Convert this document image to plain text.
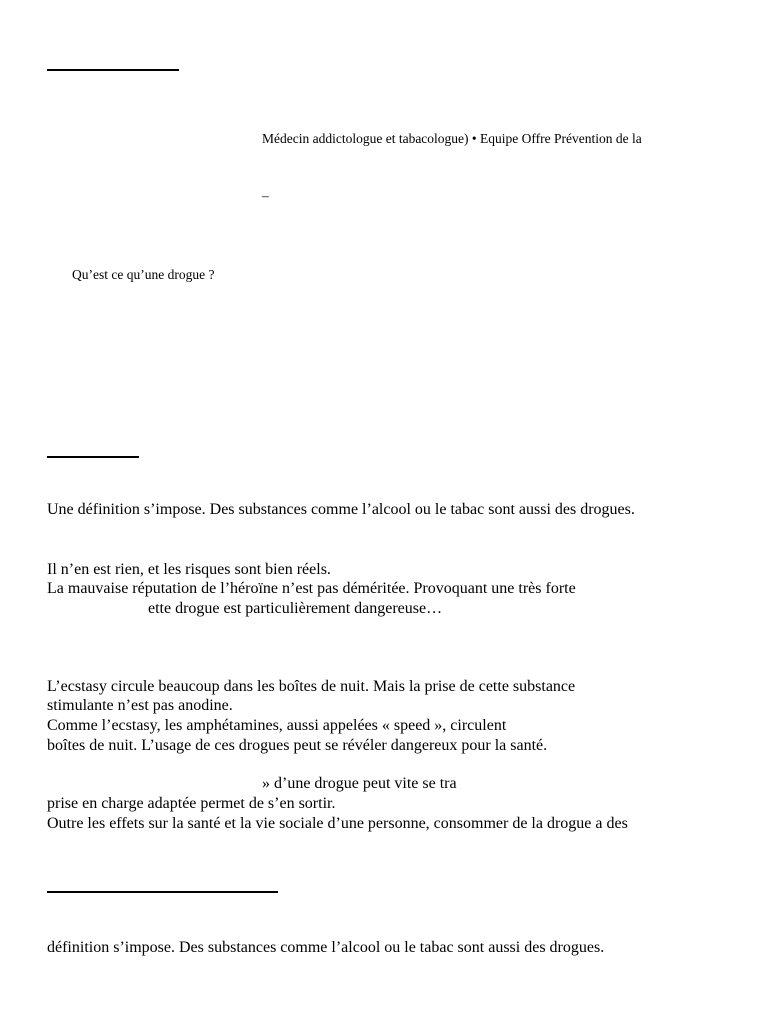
Médecin addictologue et tabacologue) • Equipe Offre Prévention de la
–
Qu’est ce qu’une drogue ?
Une définition s’impose. Des substances comme l’alcool ou le tabac sont aussi des drogues.
Il n’en est rien, et les risques sont bien réels.
La mauvaise réputation de l’héroïne n’est pas déméritée. Provoquant une très forte
ette drogue est particulièrement dangereuse…
L’ecstasy circule beaucoup dans les boîtes de nuit. Mais la prise de cette substance
stimulante n’est pas anodine.
Comme l’ecstasy, les amphétamines, aussi appelées « speed », circulent
boîtes de nuit. L’usage de ces drogues peut se révéler dangereux pour la santé.
» d’une drogue peut vite se tra
prise en charge adaptée permet de s’en sortir.
Outre les effets sur la santé et la vie sociale d’une personne, consommer de la drogue a des
définition s’impose. Des substances comme l’alcool ou le tabac sont aussi des drogues.
